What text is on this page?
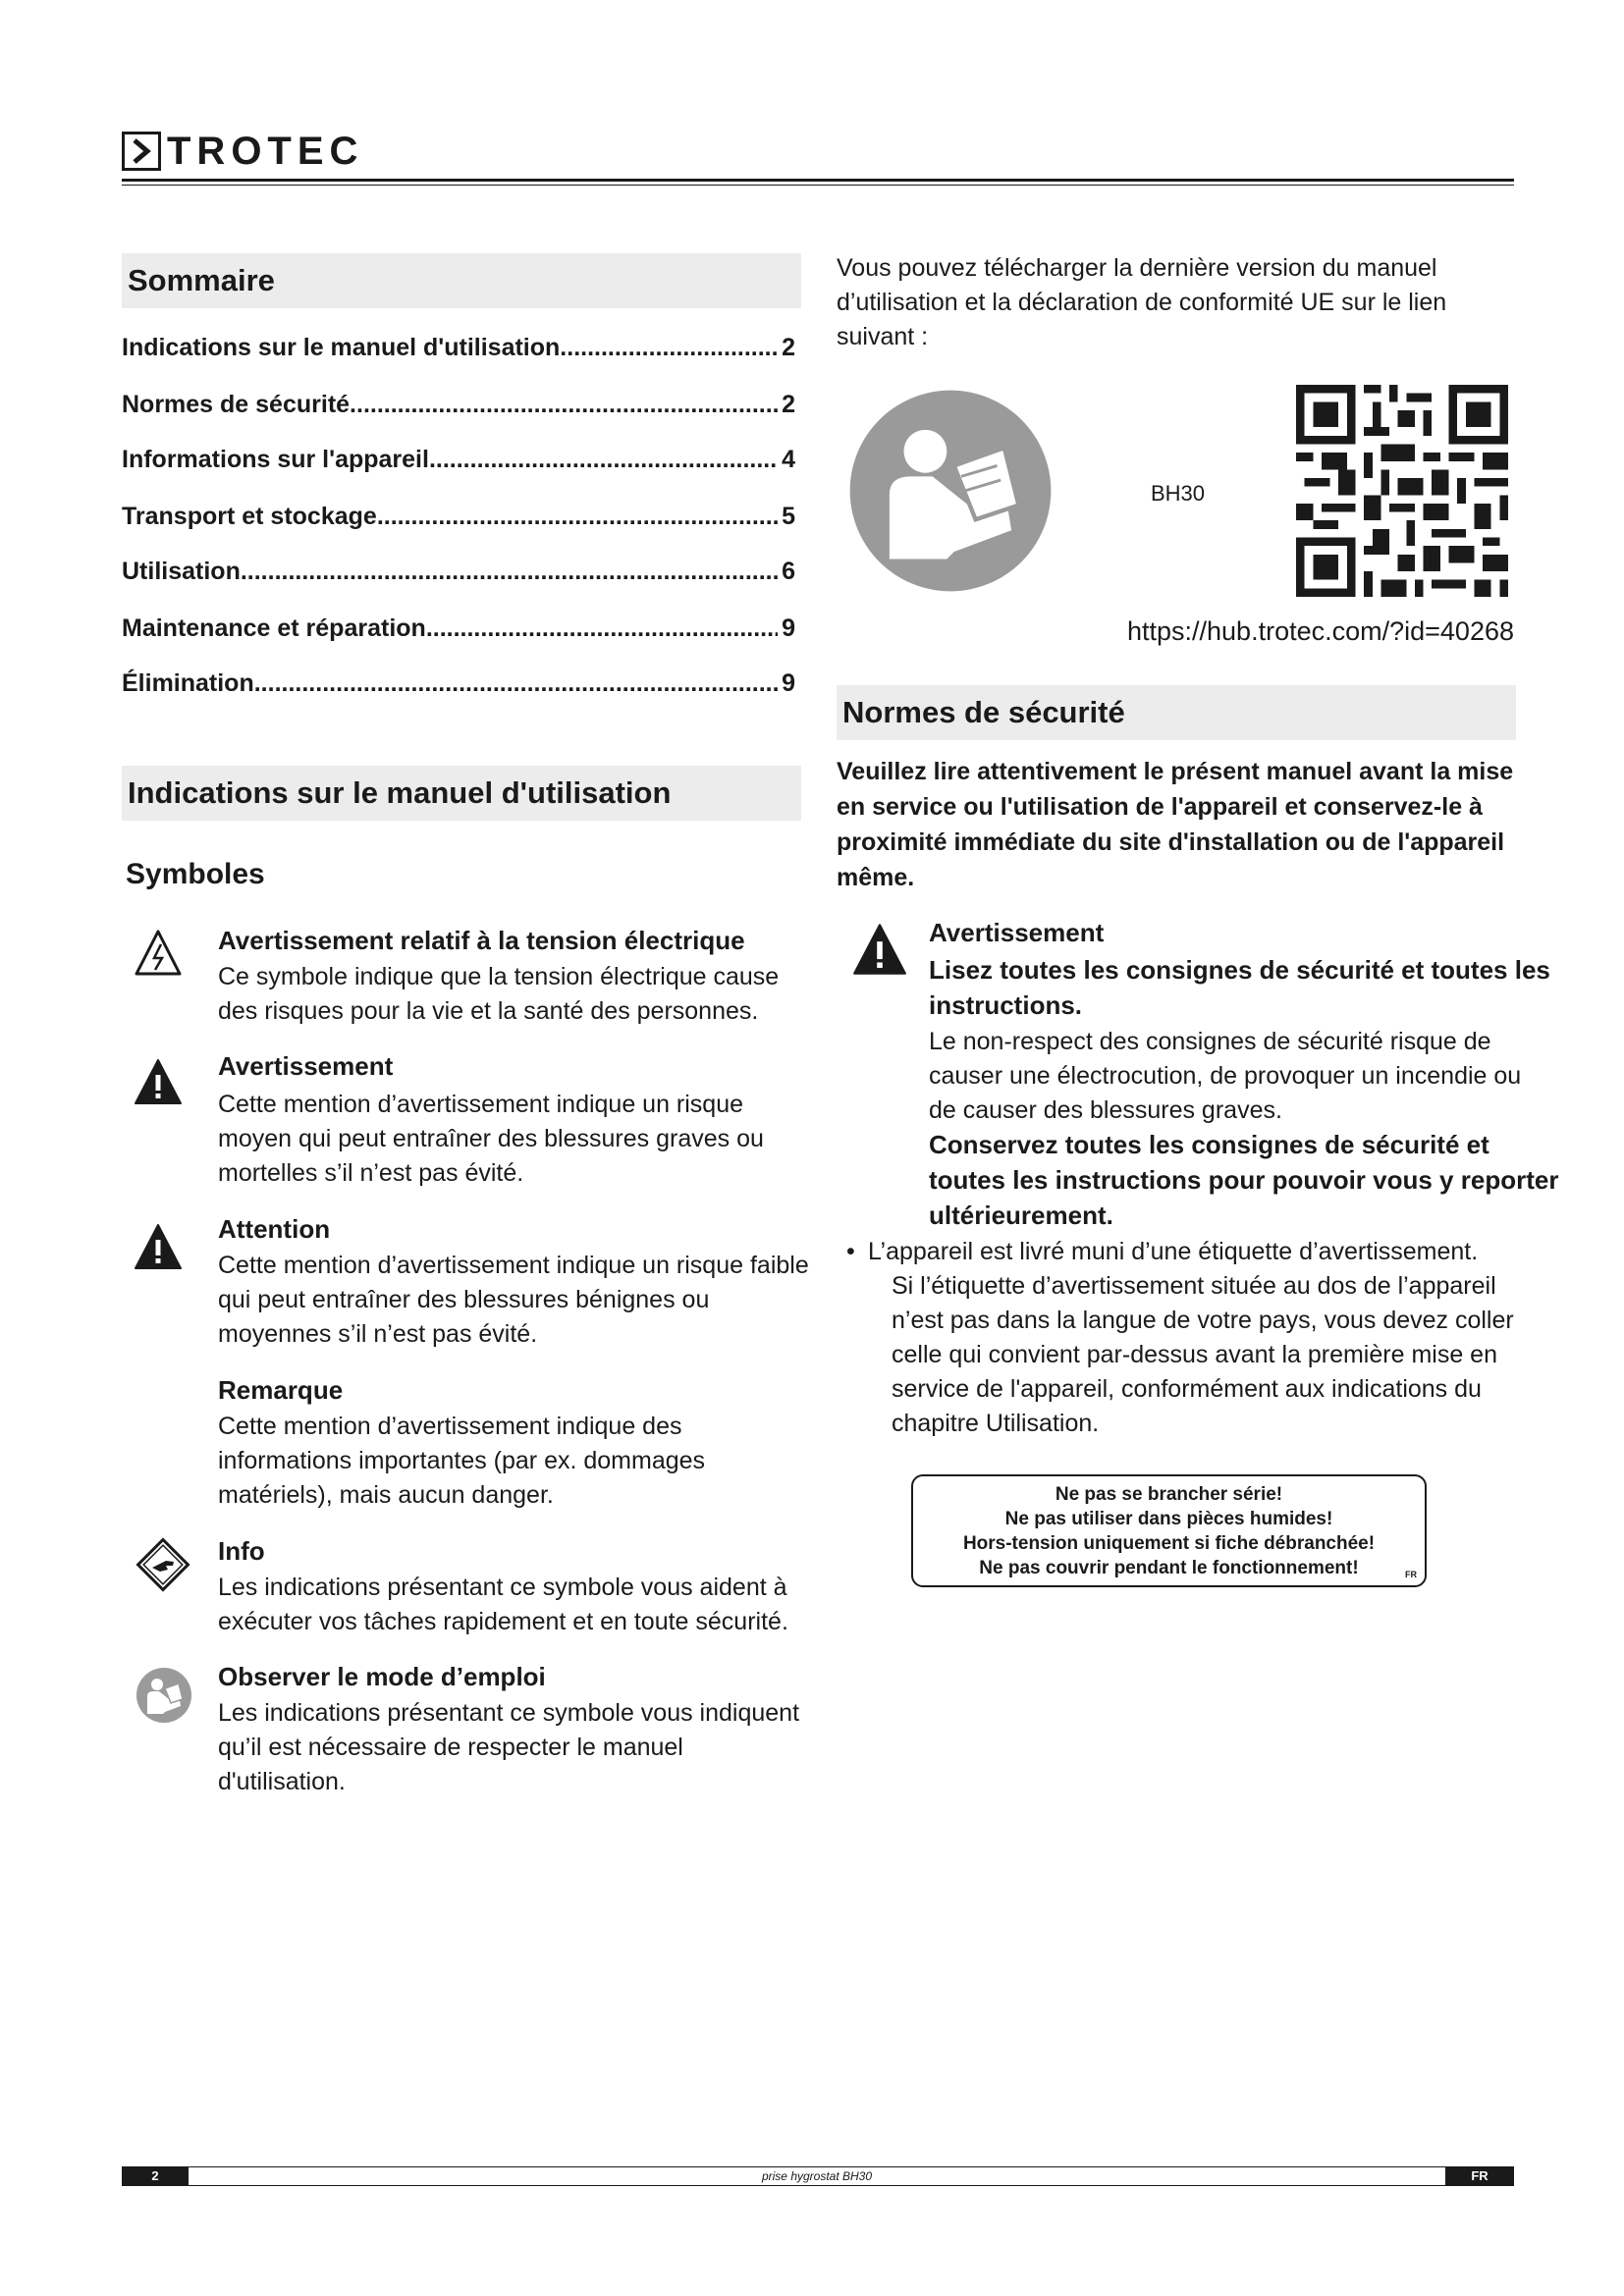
TROTEC
Sommaire
Indications sur le manuel d'utilisation .....	2
Normes de sécurité .....	2
Informations sur l'appareil .....	4
Transport et stockage .....	5
Utilisation .....	6
Maintenance et réparation .....	9
Élimination .....	9
Indications sur le manuel d'utilisation
Symboles
Avertissement relatif à la tension électrique
Ce symbole indique que la tension électrique cause
des risques pour la vie et la santé des personnes.
Avertissement
Cette mention d’avertissement indique un risque
moyen qui peut entraîner des blessures graves ou
mortelles s’il n’est pas évité.
Attention
Cette mention d’avertissement indique un risque faible
qui peut entraîner des blessures bénignes ou
moyennes s’il n’est pas évité.
Remarque
Cette mention d’avertissement indique des
informations importantes (par ex. dommages
matériels), mais aucun danger.
Info
Les indications présentant ce symbole vous aident à
exécuter vos tâches rapidement et en toute sécurité.
Observer le mode d’emploi
Les indications présentant ce symbole vous indiquent
qu’il est nécessaire de respecter le manuel
d'utilisation.
Vous pouvez télécharger la dernière version du manuel
d’utilisation et la déclaration de conformité UE sur le lien
suivant :
BH30
https://hub.trotec.com/?id=40268
Normes de sécurité
Veuillez lire attentivement le présent manuel avant la mise
en service ou l'utilisation de l'appareil et conservez-le à
proximité immédiate du site d'installation ou de l'appareil
même.
Avertissement
Lisez toutes les consignes de sécurité et toutes les
instructions.
Le non-respect des consignes de sécurité risque de
causer une électrocution, de provoquer un incendie ou
de causer des blessures graves.
Conservez toutes les consignes de sécurité et
toutes les instructions pour pouvoir vous y reporter
ultérieurement.
• L’appareil est livré muni d’une étiquette d’avertissement.
Si l’étiquette d’avertissement située au dos de l’appareil
n’est pas dans la langue de votre pays, vous devez coller
celle qui convient par-dessus avant la première mise en
service de l'appareil, conformément aux indications du
chapitre Utilisation.
Ne pas se brancher série!
Ne pas utiliser dans pièces humides!
Hors-tension uniquement si fiche débranchée!
Ne pas couvrir pendant le fonctionnement!	FR
2	prise hygrostat BH30	FR
